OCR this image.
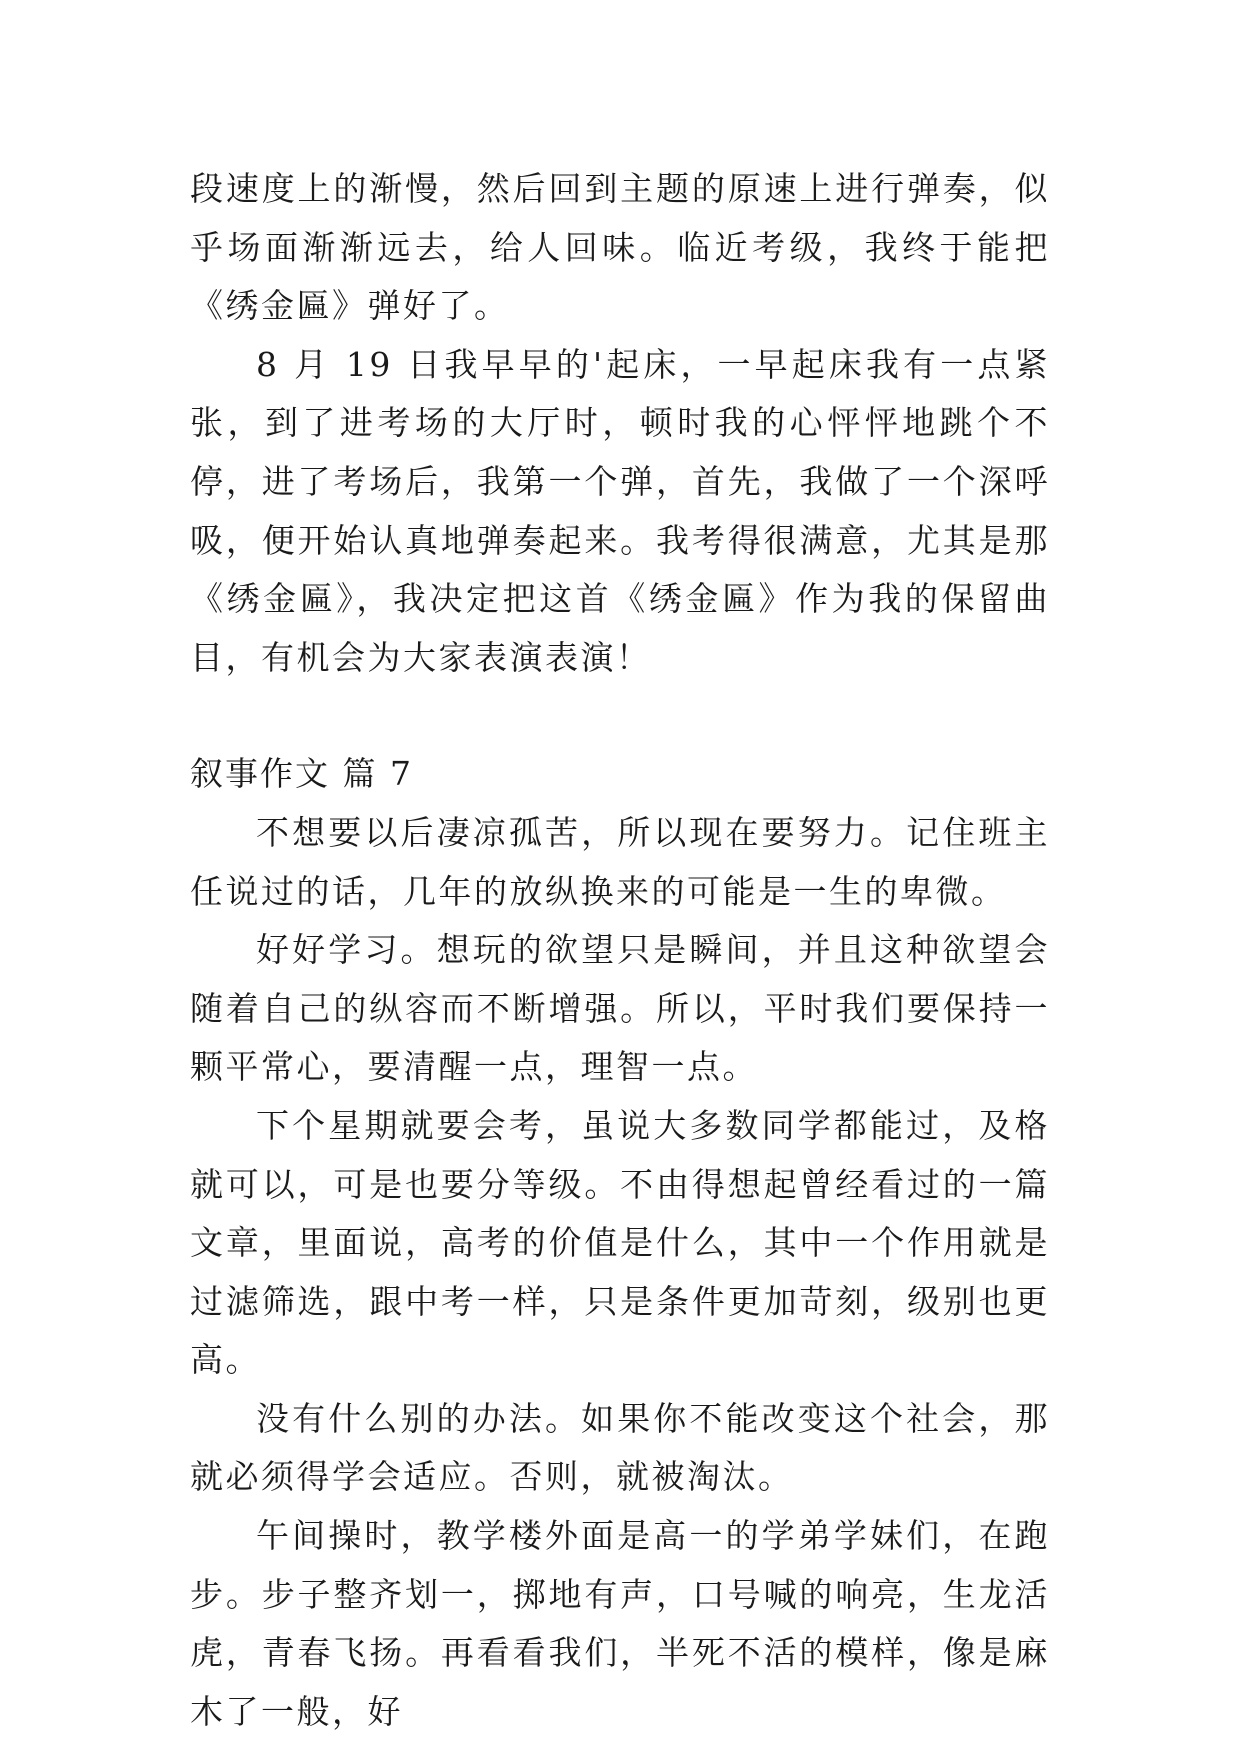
段速度上的渐慢，然后回到主题的原速上进行弹奏，似乎场面渐渐远去，给人回味。临近考级，我终于能把《绣金匾》弹好了。

8 月 19 日我早早的'起床，一早起床我有一点紧张，到了进考场的大厅时，顿时我的心怦怦地跳个不停，进了考场后，我第一个弹，首先，我做了一个深呼吸，便开始认真地弹奏起来。我考得很满意，尤其是那《绣金匾》，我决定把这首《绣金匾》作为我的保留曲目，有机会为大家表演表演！

叙事作文 篇 7

不想要以后凄凉孤苦，所以现在要努力。记住班主任说过的话，几年的放纵换来的可能是一生的卑微。

好好学习。想玩的欲望只是瞬间，并且这种欲望会随着自己的纵容而不断增强。所以，平时我们要保持一颗平常心，要清醒一点，理智一点。

下个星期就要会考，虽说大多数同学都能过，及格就可以，可是也要分等级。不由得想起曾经看过的一篇文章，里面说，高考的价值是什么，其中一个作用就是过滤筛选，跟中考一样，只是条件更加苛刻，级别也更高。

没有什么别的办法。如果你不能改变这个社会，那就必须得学会适应。否则，就被淘汰。

午间操时，教学楼外面是高一的学弟学妹们，在跑步。步子整齐划一，掷地有声，口号喊的响亮，生龙活虎，青春飞扬。再看看我们，半死不活的模样，像是麻木了一般，好
